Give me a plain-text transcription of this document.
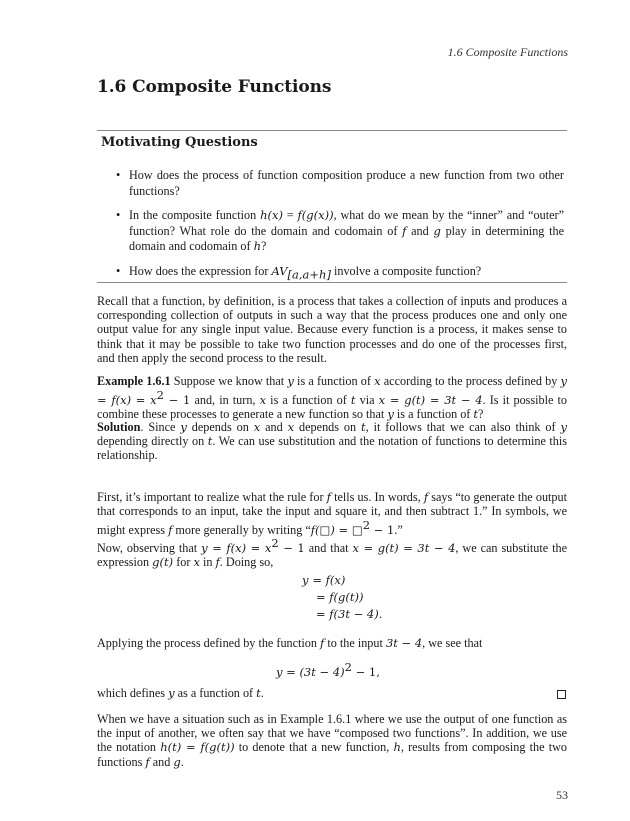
1.6 Composite Functions
1.6 Composite Functions
Motivating Questions
• How does the process of function composition produce a new function from two other functions?
• In the composite function h(x) = f(g(x)), what do we mean by the “inner” and “outer” function? What role do the domain and codomain of f and g play in determining the domain and codomain of h?
• How does the expression for $AV_{[a,a+h]}$ involve a composite function?

Recall that a function, by definition, is a process that takes a collection of inputs and produces a corresponding collection of outputs in such a way that the process produces one and only one output value for any single input value. Because every function is a process, it makes sense to think that it may be possible to take two function processes and do one of the processes first, and then apply the second process to the result.

Example 1.6.1 Suppose we know that y is a function of x according to the process defined by $y = f(x) = x^2 - 1$ and, in turn, x is a function of t via x = g(t) = 3t − 4. Is it possible to combine these processes to generate a new function so that y is a function of t?

Solution. Since y depends on x and x depends on t, it follows that we can also think of y depending directly on t. We can use substitution and the notation of functions to determine this relationship.

First, it’s important to realize what the rule for f tells us. In words, f says “to generate the output that corresponds to an input, take the input and square it, and then subtract 1.” In symbols, we might express f more generally by writing “f(□) = □$^2$ − 1.”

Now, observing that $y = f(x) = x^2 - 1$ and that x = g(t) = 3t − 4, we can substitute the expression g(t) for x in f. Doing so,

y = f(x)
= f(g(t))
= f(3t − 4).

Applying the process defined by the function f to the input 3t − 4, we see that

$y = (3t - 4)^2 - 1$,

which defines y as a function of t.

When we have a situation such as in Example 1.6.1 where we use the output of one function as the input of another, we often say that we have “composed two functions”. In addition, we use the notation h(t) = f(g(t)) to denote that a new function, h, results from composing the two functions f and g.

53
